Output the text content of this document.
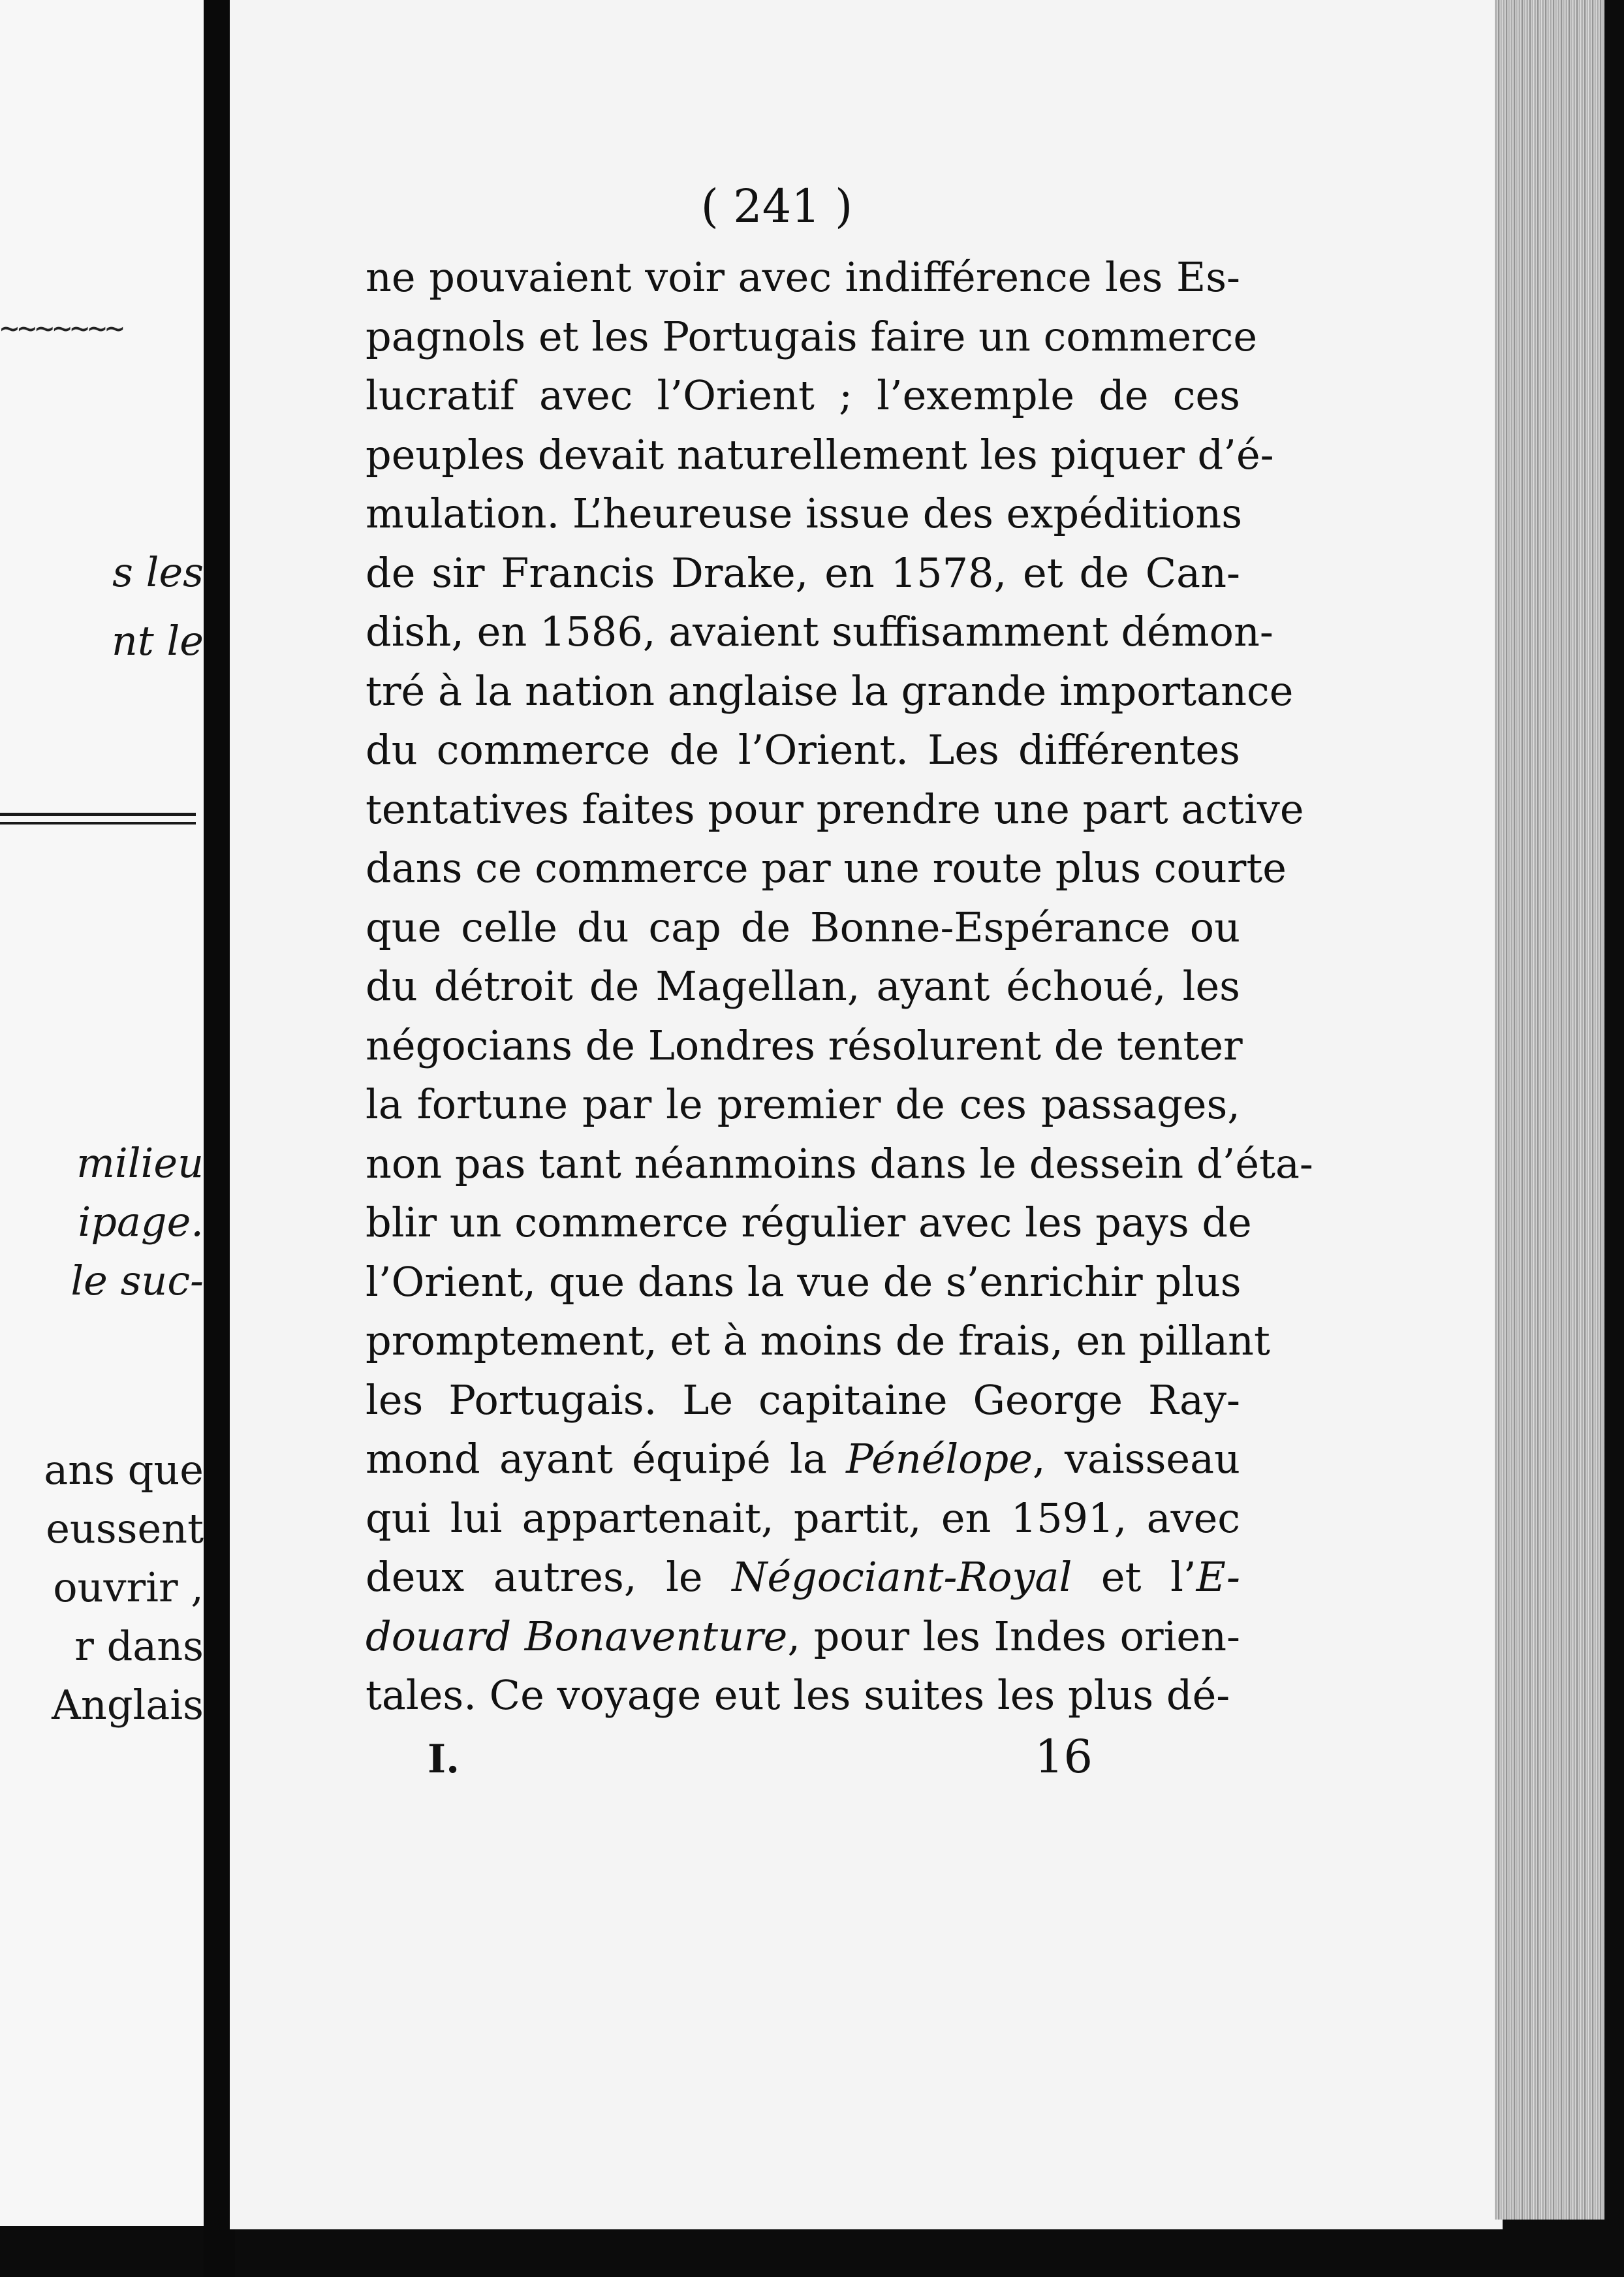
~~~~~~~
s les
nt le
milieu
ipage.
le suc-
ans que
eussent
ouvrir ,
r dans
Anglais
( 241 )
ne pouvaient voir avec indifférence les Es-
pagnols et les Portugais faire un commerce
lucratif avec l’Orient ; l’exemple de ces
peuples devait naturellement les piquer d’é-
mulation. L’heureuse issue des expéditions
de sir Francis Drake, en 1578, et de Can-
dish, en 1586, avaient suffisamment démon-
tré à la nation anglaise la grande importance
du commerce de l’Orient. Les différentes
tentatives faites pour prendre une part active
dans ce commerce par une route plus courte
que celle du cap de Bonne-Espérance ou
du détroit de Magellan, ayant échoué, les
négocians de Londres résolurent de tenter
la fortune par le premier de ces passages,
non pas tant néanmoins dans le dessein d’éta-
blir un commerce régulier avec les pays de
l’Orient, que dans la vue de s’enrichir plus
promptement, et à moins de frais, en pillant
les Portugais. Le capitaine George Ray-
mond ayant équipé la Pénélope, vaisseau
qui lui appartenait, partit, en 1591, avec
deux autres, le Négociant-Royal et l’E-
douard Bonaventure, pour les Indes orien-
tales. Ce voyage eut les suites les plus dé-
I.	16
